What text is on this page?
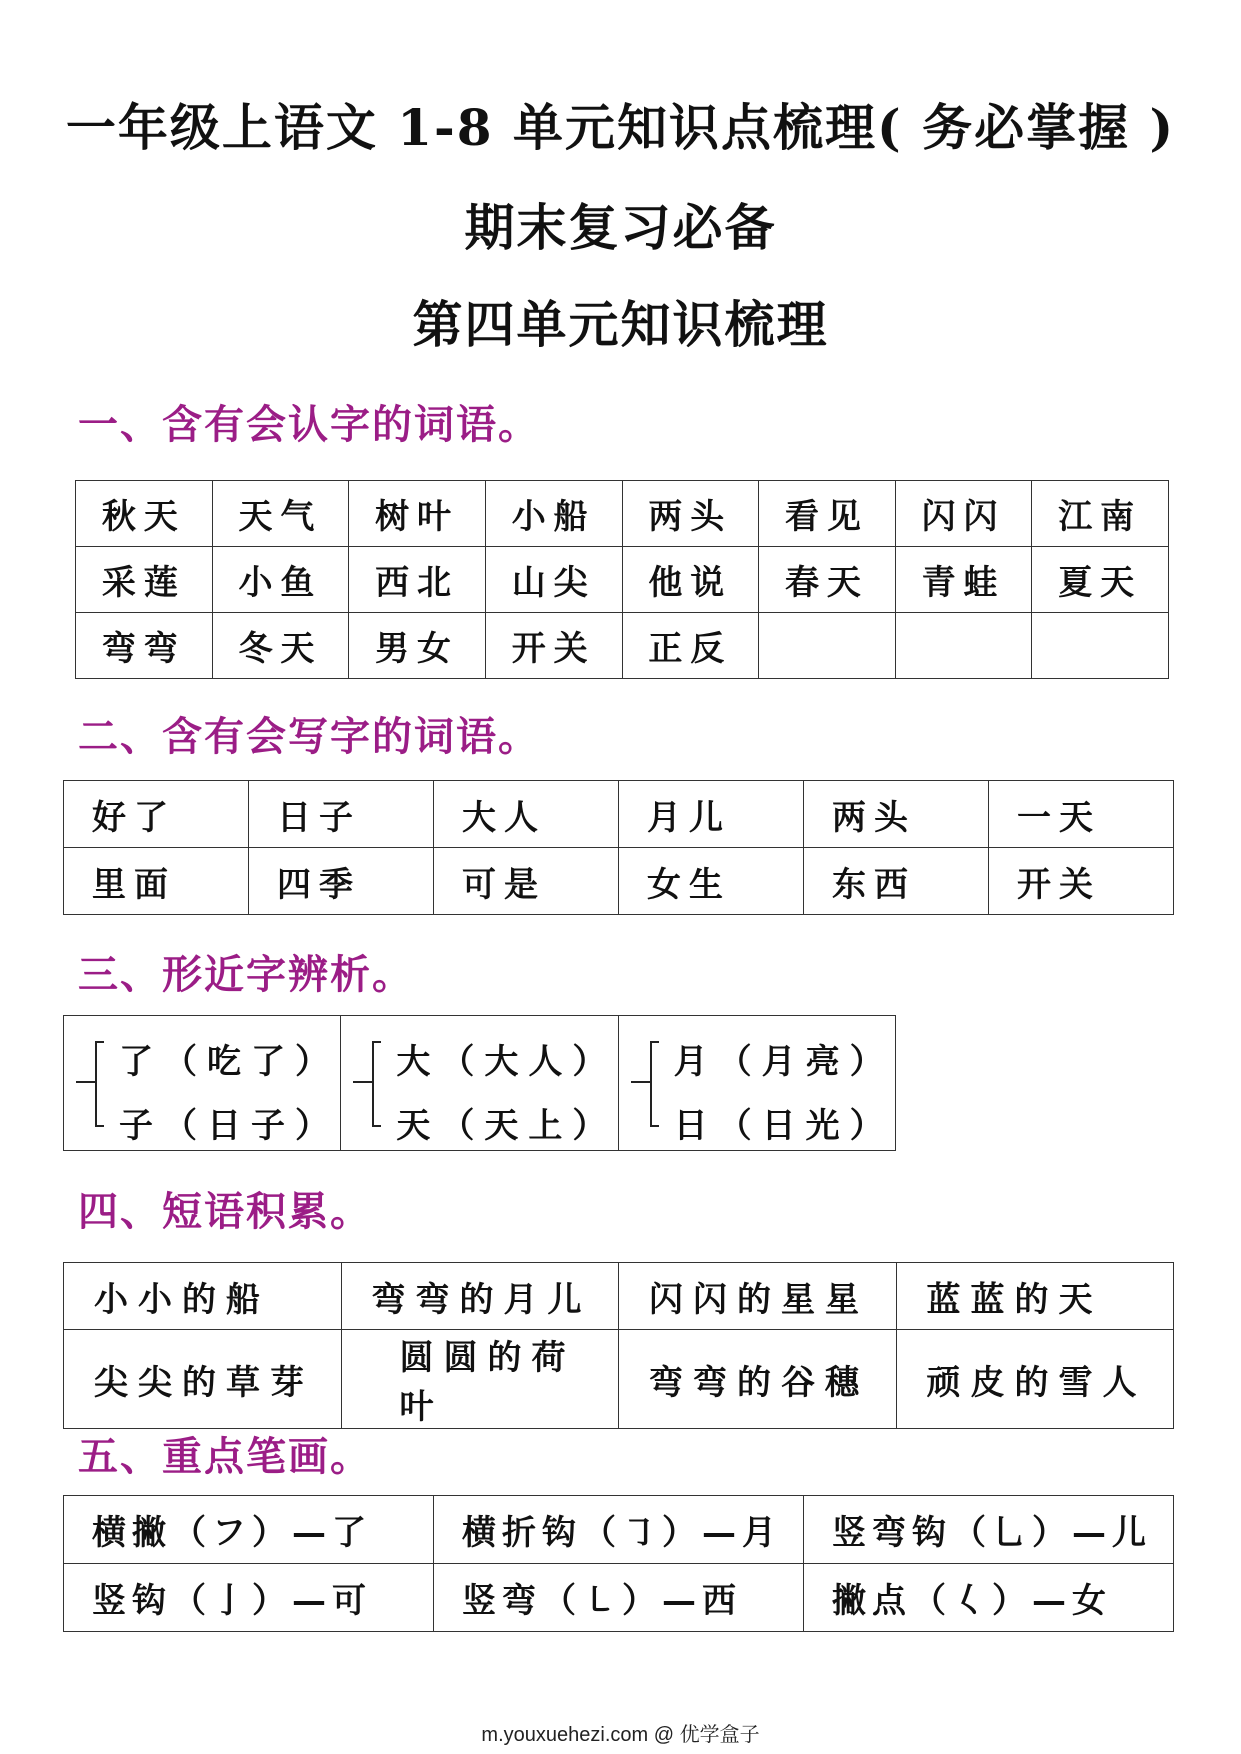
一年级上语文 1-8 单元知识点梳理( 务必掌握 )
期末复习必备
第四单元知识梳理
一、含有会认字的词语。
秋天	天气	树叶	小船	两头	看见	闪闪	江南
采莲	小鱼	西北	山尖	他说	春天	青蛙	夏天
弯弯	冬天	男女	开关	正反			
二、含有会写字的词语。
好了	日子	大人	月儿	两头	一天
里面	四季	可是	女生	东西	开关
三、形近字辨析。
了（吃了）
子（日子）

大（大人）
天（天上）

月（月亮）
日（日光）
四、短语积累。
小小的船	弯弯的月儿	闪闪的星星	蓝蓝的天
尖尖的草芽	圆圆的荷叶	弯弯的谷穗	顽皮的雪人
五、重点笔画。
横撇（フ）—了	横折钩（㇆）—月	竖弯钩（乚）—儿
竖钩（亅）—可	竖弯（㇄）—西	撇点（𡿨）—女
m.youxuehezi.com @ 优学盒子
